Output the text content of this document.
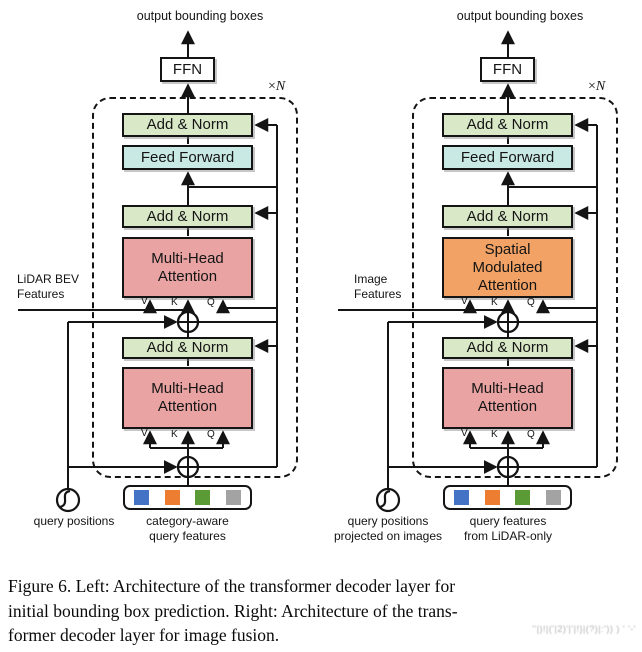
output bounding boxes
FFN
×N
Add & Norm
Feed Forward
Add & Norm
Multi-Head Attention
Add & Norm
Multi-Head Attention
V K	Q
V K	Q
LiDAR BEV
Features
query positions	category-aware
query features
output bounding boxes
FFN
×N
Add & Norm
Feed Forward
Add & Norm
Spatial Modulated Attention
Add & Norm
Multi-Head Attention
V K	Q
V K	Q
Image
Features
query positions
projected on images
query features
from LiDAR-only
Figure 6. Left: Architecture of the transformer decoder layer for
initial bounding box prediction. Right: Architecture of the trans-
former decoder layer for image fusion.	''|)!|('|2)'|'|!}|(?)|:')) ) ' '-'
